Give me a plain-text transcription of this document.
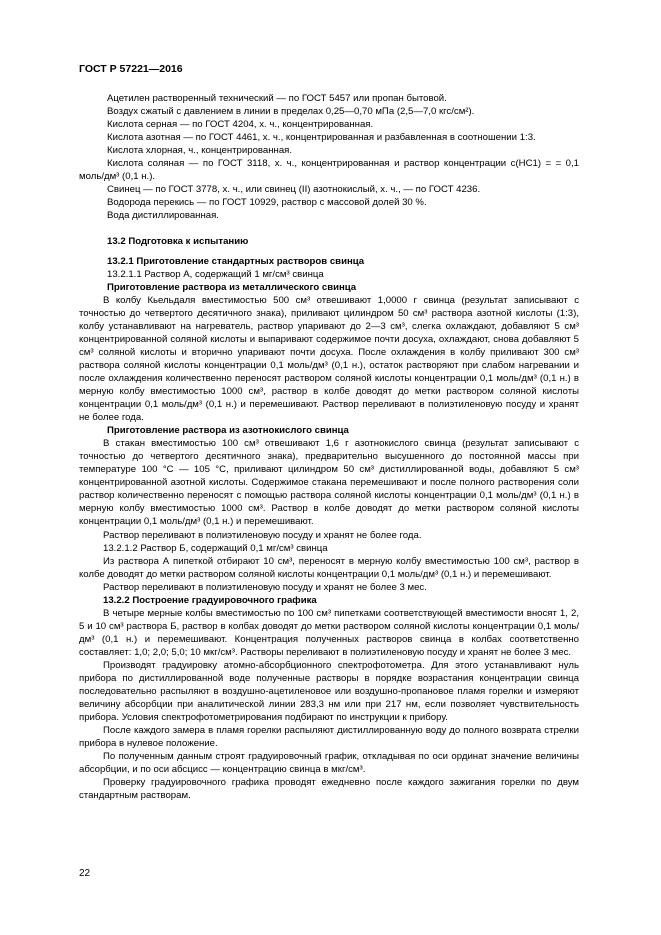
ГОСТ Р 57221—2016

Ацетилен растворенный технический — по ГОСТ 5457 или пропан бытовой.

Воздух сжатый с давлением в линии в пределах 0,25—0,70 мПа (2,5—7,0 кгс/см²).

Кислота серная — по ГОСТ 4204, х. ч., концентрированная.

Кислота азотная — по ГОСТ 4461, х. ч., концентрированная и разбавленная в соотношении 1:3.

Кислота хлорная, ч., концентрированная.

Кислота соляная — по ГОСТ 3118, х. ч., концентрированная и раствор концентрации с(HC1) = = 0,1 моль/дм³ (0,1 н.).

Свинец — по ГОСТ 3778, х. ч., или свинец (II) азотнокислый, х. ч., — по ГОСТ 4236.

Водорода перекись — по ГОСТ 10929, раствор с массовой долей 30 %.

Вода дистиллированная.

13.2 Подготовка к испытанию

13.2.1 Приготовление стандартных растворов свинца

13.2.1.1 Раствор А, содержащий 1 мг/см³ свинца

Приготовление раствора из металлического свинца

В колбу Кьельдаля вместимостью 500 см³ отвешивают 1,0000 г свинца (результат записывают с точностью до четвертого десятичного знака), приливают цилиндром 50 см³ раствора азотной кислоты (1:3), колбу устанавливают на нагреватель, раствор упаривают до 2—3 см³, слегка охлаждают, добавляют 5 см³ концентрированной соляной кислоты и выпаривают содержимое почти досуха, охлаждают, снова добавляют 5 см³ соляной кислоты и вторично упаривают почти досуха. После охлаждения в колбу приливают 300 см³ раствора соляной кислоты концентрации 0,1 моль/дм³ (0,1 н.), остаток растворяют при слабом нагревании и после охлаждения количественно переносят раствором соляной кислоты концентрации 0,1 моль/дм³ (0,1 н.) в мерную колбу вместимостью 1000 см³, раствор в колбе доводят до метки раствором соляной кислоты концентрации 0,1 моль/дм³ (0,1 н.) и перемешивают. Раствор переливают в полиэтиленовую посуду и хранят не более года.

Приготовление раствора из азотнокислого свинца

В стакан вместимостью 100 см³ отвешивают 1,6 г азотнокислого свинца (результат записывают с точностью до четвертого десятичного знака), предварительно высушенного до постоянной массы при температуре 100 °С — 105 °С, приливают цилиндром 50 см³ дистиллированной воды, добавляют 5 см³ концентрированной азотной кислоты. Содержимое стакана перемешивают и после полного растворения соли раствор количественно переносят с помощью раствора соляной кислоты концентрации 0,1 моль/дм³ (0,1 н.) в мерную колбу вместимостью 1000 см³. Раствор в колбе доводят до метки раствором соляной кислоты концентрации 0,1 моль/дм³ (0,1 н.) и перемешивают.

Раствор переливают в полиэтиленовую посуду и хранят не более года.

13.2.1.2 Раствор Б, содержащий 0,1 мг/см³ свинца

Из раствора А пипеткой отбирают 10 см³, переносят в мерную колбу вместимостью 100 см³, раствор в колбе доводят до метки раствором соляной кислоты концентрации 0,1 моль/дм³ (0,1 н.) и перемешивают.

Раствор переливают в полиэтиленовую посуду и хранят не более 3 мес.

13.2.2 Построение градуировочного графика

В четыре мерные колбы вместимостью по 100 см³ пипетками соответствующей вместимости вносят 1, 2, 5 и 10 см³ раствора Б, раствор в колбах доводят до метки раствором соляной кислоты концентрации 0,1 моль/дм³ (0,1 н.) и перемешивают. Концентрация полученных растворов свинца в колбах соответственно составляет: 1,0; 2,0; 5,0; 10 мкг/см³. Растворы переливают в полиэтиленовую посуду и хранят не более 3 мес.

Производят градуировку атомно-абсорбционного спектрофотометра. Для этого устанавливают нуль прибора по дистиллированной воде полученные растворы в порядке возрастания концентрации свинца последовательно распыляют в воздушно-ацетиленовое или воздушно-пропановое пламя горелки и измеряют величину абсорбции при аналитической линии 283,3 нм или при 217 нм, если позволяет чувствительность прибора. Условия спектрофотометрирования подбирают по инструкции к прибору.

После каждого замера в пламя горелки распыляют дистиллированную воду до полного возврата стрелки прибора в нулевое положение.

По полученным данным строят градуировочный график, откладывая по оси ординат значение величины абсорбции, и по оси абсцисс — концентрацию свинца в мкг/см³.

Проверку градуировочного графика проводят ежедневно после каждого зажигания горелки по двум стандартным растворам.

22
